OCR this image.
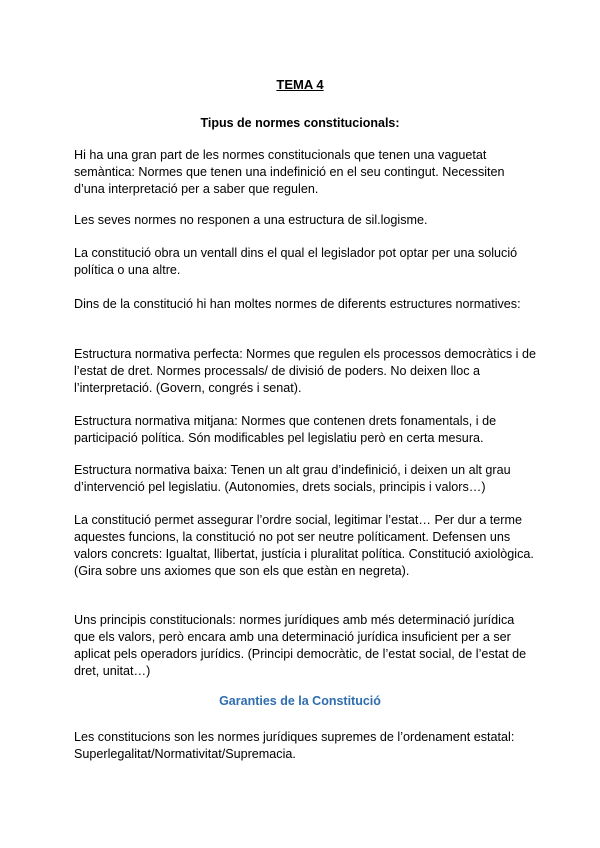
TEMA 4
Tipus de normes constitucionals:

Hi ha una gran part de les normes constitucionals que tenen una vaguetat semàntica: Normes que tenen una indefinició en el seu contingut. Necessiten d’una interpretació per a saber que regulen.

Les seves normes no responen a una estructura de sil.logisme.

La constitució obra un ventall dins el qual el legislador pot optar per una solució política o una altre.

Dins de la constitució hi han moltes normes de diferents estructures normatives:

Estructura normativa perfecta: Normes que regulen els processos democràtics i de l’estat de dret. Normes processals/ de divisió de poders. No deixen lloc a l’interpretació. (Govern, congrés i senat).

Estructura normativa mitjana: Normes que contenen drets fonamentals, i de participació política. Són modificables pel legislatiu però en certa mesura.

Estructura normativa baixa: Tenen un alt grau d’indefinició, i deixen un alt grau d’intervenció pel legislatiu. (Autonomies, drets socials, principis i valors…)

La constitució permet assegurar l’ordre social, legitimar l’estat… Per dur a terme aquestes funcions, la constitució no pot ser neutre políticament. Defensen uns valors concrets: Igualtat, llibertat, justícia i pluralitat política. Constitució axiològica. (Gira sobre uns axiomes que son els que estàn en negreta).

Uns principis constitucionals: normes jurídiques amb més determinació jurídica que els valors, però encara amb una determinació jurídica insuficient per a ser aplicat pels operadors jurídics. (Principi democràtic, de l’estat social, de l’estat de dret, unitat…)

Garanties de la Constitució

Les constitucions son les normes jurídiques supremes de l’ordenament estatal: Superlegalitat/Normativitat/Supremacia.
